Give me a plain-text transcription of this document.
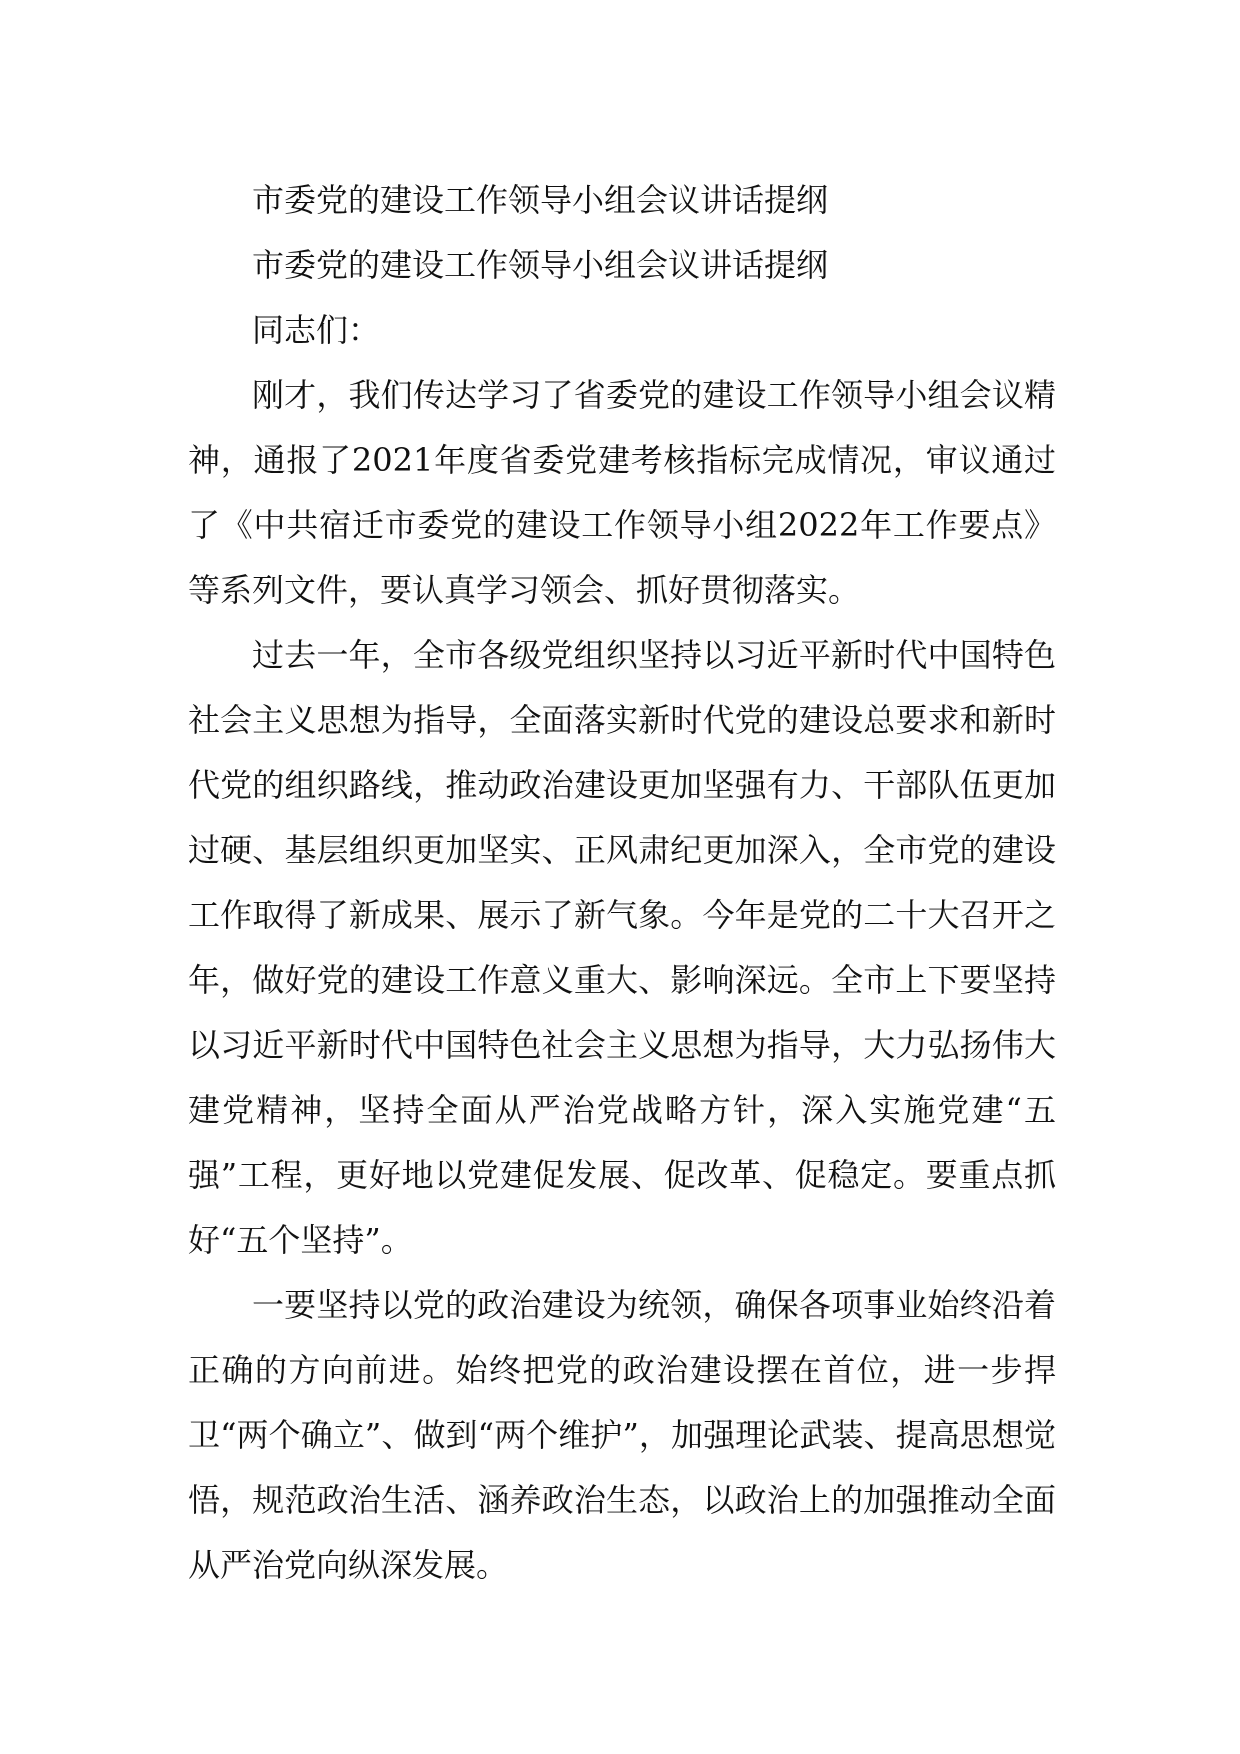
市委党的建设工作领导小组会议讲话提纲

市委党的建设工作领导小组会议讲话提纲

同志们：

刚才，我们传达学习了省委党的建设工作领导小组会议精神，通报了2021年度省委党建考核指标完成情况，审议通过了《中共宿迁市委党的建设工作领导小组2022年工作要点》等系列文件，要认真学习领会、抓好贯彻落实。

过去一年，全市各级党组织坚持以习近平新时代中国特色社会主义思想为指导，全面落实新时代党的建设总要求和新时代党的组织路线，推动政治建设更加坚强有力、干部队伍更加过硬、基层组织更加坚实、正风肃纪更加深入，全市党的建设工作取得了新成果、展示了新气象。今年是党的二十大召开之年，做好党的建设工作意义重大、影响深远。全市上下要坚持以习近平新时代中国特色社会主义思想为指导，大力弘扬伟大建党精神，坚持全面从严治党战略方针，深入实施党建“五强”工程，更好地以党建促发展、促改革、促稳定。要重点抓好“五个坚持”。

一要坚持以党的政治建设为统领，确保各项事业始终沿着正确的方向前进。始终把党的政治建设摆在首位，进一步捍卫“两个确立”、做到“两个维护”，加强理论武装、提高思想觉悟，规范政治生活、涵养政治生态，以政治上的加强推动全面从严治党向纵深发展。
